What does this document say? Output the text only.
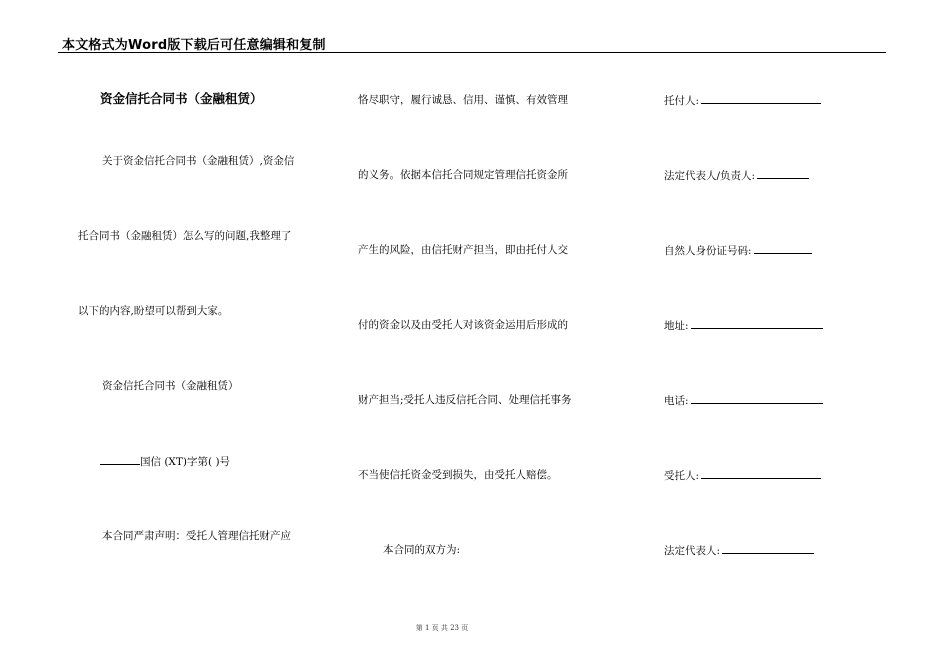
本文格式为Word版下载后可任意编辑和复制
资金信托合同书（金融租赁）
关于资金信托合同书（金融租赁）,资金信
托合同书（金融租赁）怎么写的问题,我整理了
以下的内容,盼望可以帮到大家。
资金信托合同书（金融租赁）
国信 (XT)字第( )号
本合同严肃声明：受托人管理信托财产应
恪尽职守，履行诚恳、信用、谨慎、有效管理
的义务。依据本信托合同规定管理信托资金所
产生的风险，由信托财产担当，即由托付人交
付的资金以及由受托人对该资金运用后形成的
财产担当;受托人违反信托合同、处理信托事务
不当使信托资金受到损失，由受托人赔偿。
本合同的双方为:
托付人:
法定代表人/负责人:
自然人身份证号码:
地址:
电话:
受托人:
法定代表人:
第 1 页 共 23 页
